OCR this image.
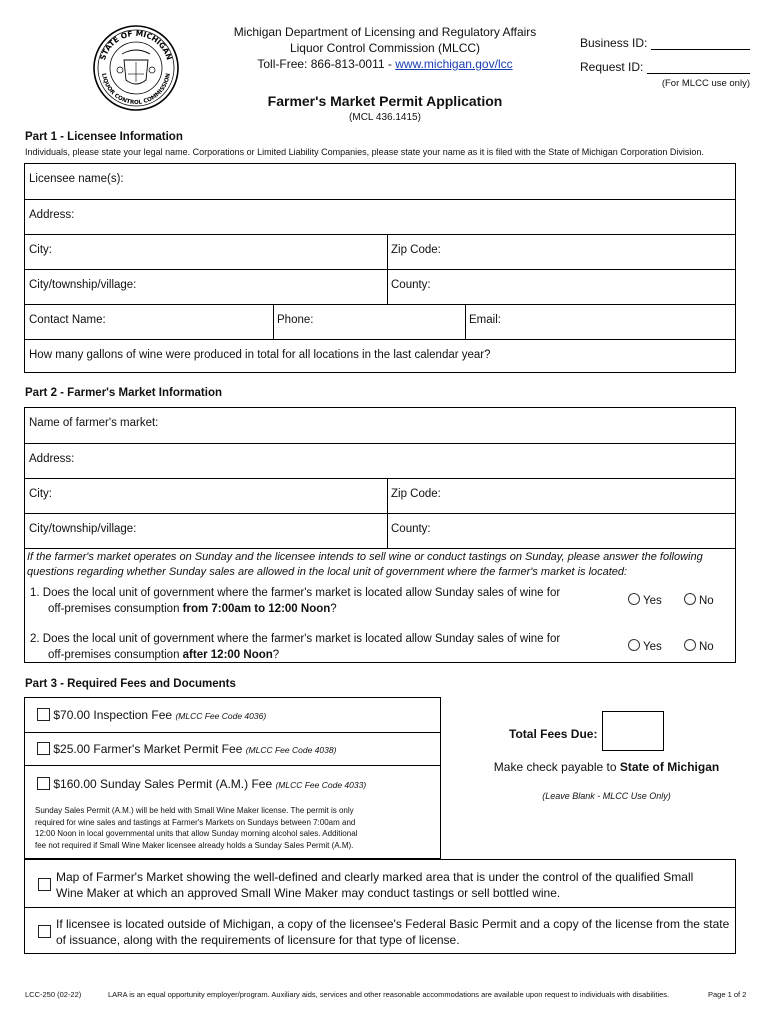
STATE OF MICHIGAN
LIQUOR CONTROL COMMISSION
Michigan Department of Licensing and Regulatory Affairs
Liquor Control Commission (MLCC)
Toll-Free: 866-813-0011 - www.michigan.gov/lcc
Business ID:
Request ID:
(For MLCC use only)
Farmer's Market Permit Application
(MCL 436.1415)
Part 1 - Licensee Information
Individuals, please state your legal name. Corporations or Limited Liability Companies, please state your name as it is filed with the State of Michigan Corporation Division.
Licensee name(s):
Address:
City:	Zip Code:
City/township/village:	County:
Contact Name:	Phone:	Email:
How many gallons of wine were produced in total for all locations in the last calendar year?
Part 2 - Farmer's Market Information
Name of farmer's market:
Address:
City:	Zip Code:
City/township/village:	County:
If the farmer's market operates on Sunday and the licensee intends to sell wine or conduct tastings on Sunday, please answer the following
questions regarding whether Sunday sales are allowed in the local unit of government where the farmer's market is located:
1. Does the local unit of government where the farmer's market is located allow Sunday sales of wine for
off-premises consumption from 7:00am to 12:00 Noon?
Yes	No
2. Does the local unit of government where the farmer's market is located allow Sunday sales of wine for
off-premises consumption after 12:00 Noon?
Yes	No
Part 3 - Required Fees and Documents
$70.00 Inspection Fee (MLCC Fee Code 4036)
$25.00 Farmer's Market Permit Fee (MLCC Fee Code 4038)
$160.00 Sunday Sales Permit (A.M.) Fee (MLCC Fee Code 4033)
Sunday Sales Permit (A.M.) will be held with Small Wine Maker license. The permit is only
required for wine sales and tastings at Farmer's Markets on Sundays between 7:00am and
12:00 Noon in local governmental units that allow Sunday morning alcohol sales. Additional
fee not required if Small Wine Maker licensee already holds a Sunday Sales Permit (A.M).
Total Fees Due:
Make check payable to State of Michigan
(Leave Blank - MLCC Use Only)
Map of Farmer's Market showing the well-defined and clearly marked area that is under the control of the qualified Small
Wine Maker at which an approved Small Wine Maker may conduct tastings or sell bottled wine.
If licensee is located outside of Michigan, a copy of the licensee's Federal Basic Permit and a copy of the license from the state
of issuance, along with the requirements of licensure for that type of license.
LCC-250 (02-22)	LARA is an equal opportunity employer/program. Auxiliary aids, services and other reasonable accommodations are available upon request to individuals with disabilities.	Page 1 of 2
